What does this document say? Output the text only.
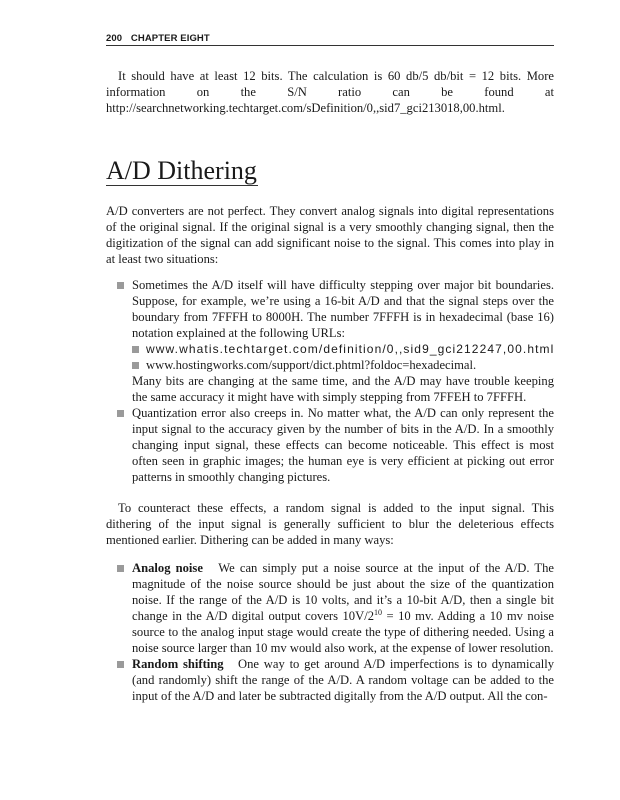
200 CHAPTER EIGHT

It should have at least 12 bits. The calculation is 60 db/5 db/bit = 12 bits. More information on the S/N ratio can be found at http://searchnetworking.techtarget.com/sDefinition/0,,sid7_gci213018,00.html.

A/D Dithering

A/D converters are not perfect. They convert analog signals into digital representations of the original signal. If the original signal is a very smoothly changing signal, then the digitization of the signal can add significant noise to the signal. This comes into play in at least two situations:

Sometimes the A/D itself will have difficulty stepping over major bit boundaries. Suppose, for example, we’re using a 16-bit A/D and that the signal steps over the boundary from 7FFFH to 8000H. The number 7FFFH is in hexadecimal (base 16) notation explained at the following URLs:
www.whatis.techtarget.com/definition/0,,sid9_gci212247,00.html
www.hostingworks.com/support/dict.phtml?foldoc=hexadecimal.
Many bits are changing at the same time, and the A/D may have trouble keeping the same accuracy it might have with simply stepping from 7FFEH to 7FFFH.
Quantization error also creeps in. No matter what, the A/D can only represent the input signal to the accuracy given by the number of bits in the A/D. In a smoothly changing input signal, these effects can become noticeable. This effect is most often seen in graphic images; the human eye is very efficient at picking out error patterns in smoothly changing pictures.

To counteract these effects, a random signal is added to the input signal. This dithering of the input signal is generally sufficient to blur the deleterious effects mentioned earlier. Dithering can be added in many ways:

Analog noise We can simply put a noise source at the input of the A/D. The magnitude of the noise source should be just about the size of the quantization noise. If the range of the A/D is 10 volts, and it’s a 10-bit A/D, then a single bit change in the A/D digital output covers $10V/2^{10} = 10$ mv. Adding a 10 mv noise source to the analog input stage would create the type of dithering needed. Using a noise source larger than 10 mv would also work, at the expense of lower resolution.
Random shifting One way to get around A/D imperfections is to dynamically (and randomly) shift the range of the A/D. A random voltage can be added to the input of the A/D and later be subtracted digitally from the A/D output. All the con-
